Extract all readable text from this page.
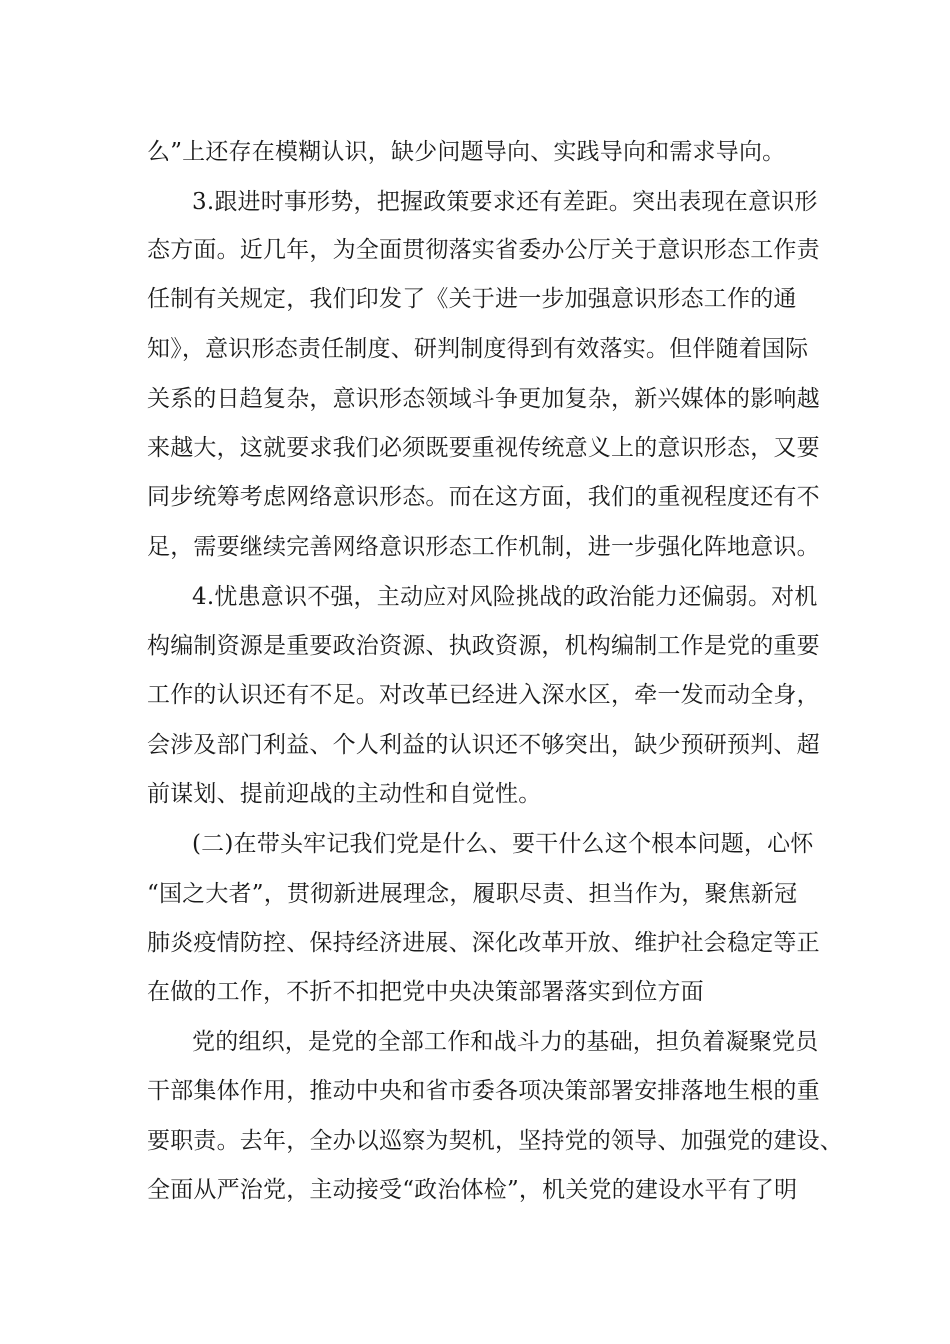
么”上还存在模糊认识，缺少问题导向、实践导向和需求导向。
3.跟进时事形势，把握政策要求还有差距。突出表现在意识形
态方面。近几年，为全面贯彻落实省委办公厅关于意识形态工作责
任制有关规定，我们印发了《关于进一步加强意识形态工作的通
知》，意识形态责任制度、研判制度得到有效落实。但伴随着国际
关系的日趋复杂，意识形态领域斗争更加复杂，新兴媒体的影响越
来越大，这就要求我们必须既要重视传统意义上的意识形态，又要
同步统筹考虑网络意识形态。而在这方面，我们的重视程度还有不
足，需要继续完善网络意识形态工作机制，进一步强化阵地意识。
4.忧患意识不强，主动应对风险挑战的政治能力还偏弱。对机
构编制资源是重要政治资源、执政资源，机构编制工作是党的重要
工作的认识还有不足。对改革已经进入深水区，牵一发而动全身，
会涉及部门利益、个人利益的认识还不够突出，缺少预研预判、超
前谋划、提前迎战的主动性和自觉性。
(二)在带头牢记我们党是什么、要干什么这个根本问题，心怀
“国之大者”，贯彻新进展理念，履职尽责、担当作为，聚焦新冠
肺炎疫情防控、保持经济进展、深化改革开放、维护社会稳定等正
在做的工作，不折不扣把党中央决策部署落实到位方面
党的组织，是党的全部工作和战斗力的基础，担负着凝聚党员
干部集体作用，推动中央和省市委各项决策部署安排落地生根的重
要职责。去年，全办以巡察为契机，坚持党的领导、加强党的建设、
全面从严治党，主动接受“政治体检”，机关党的建设水平有了明
